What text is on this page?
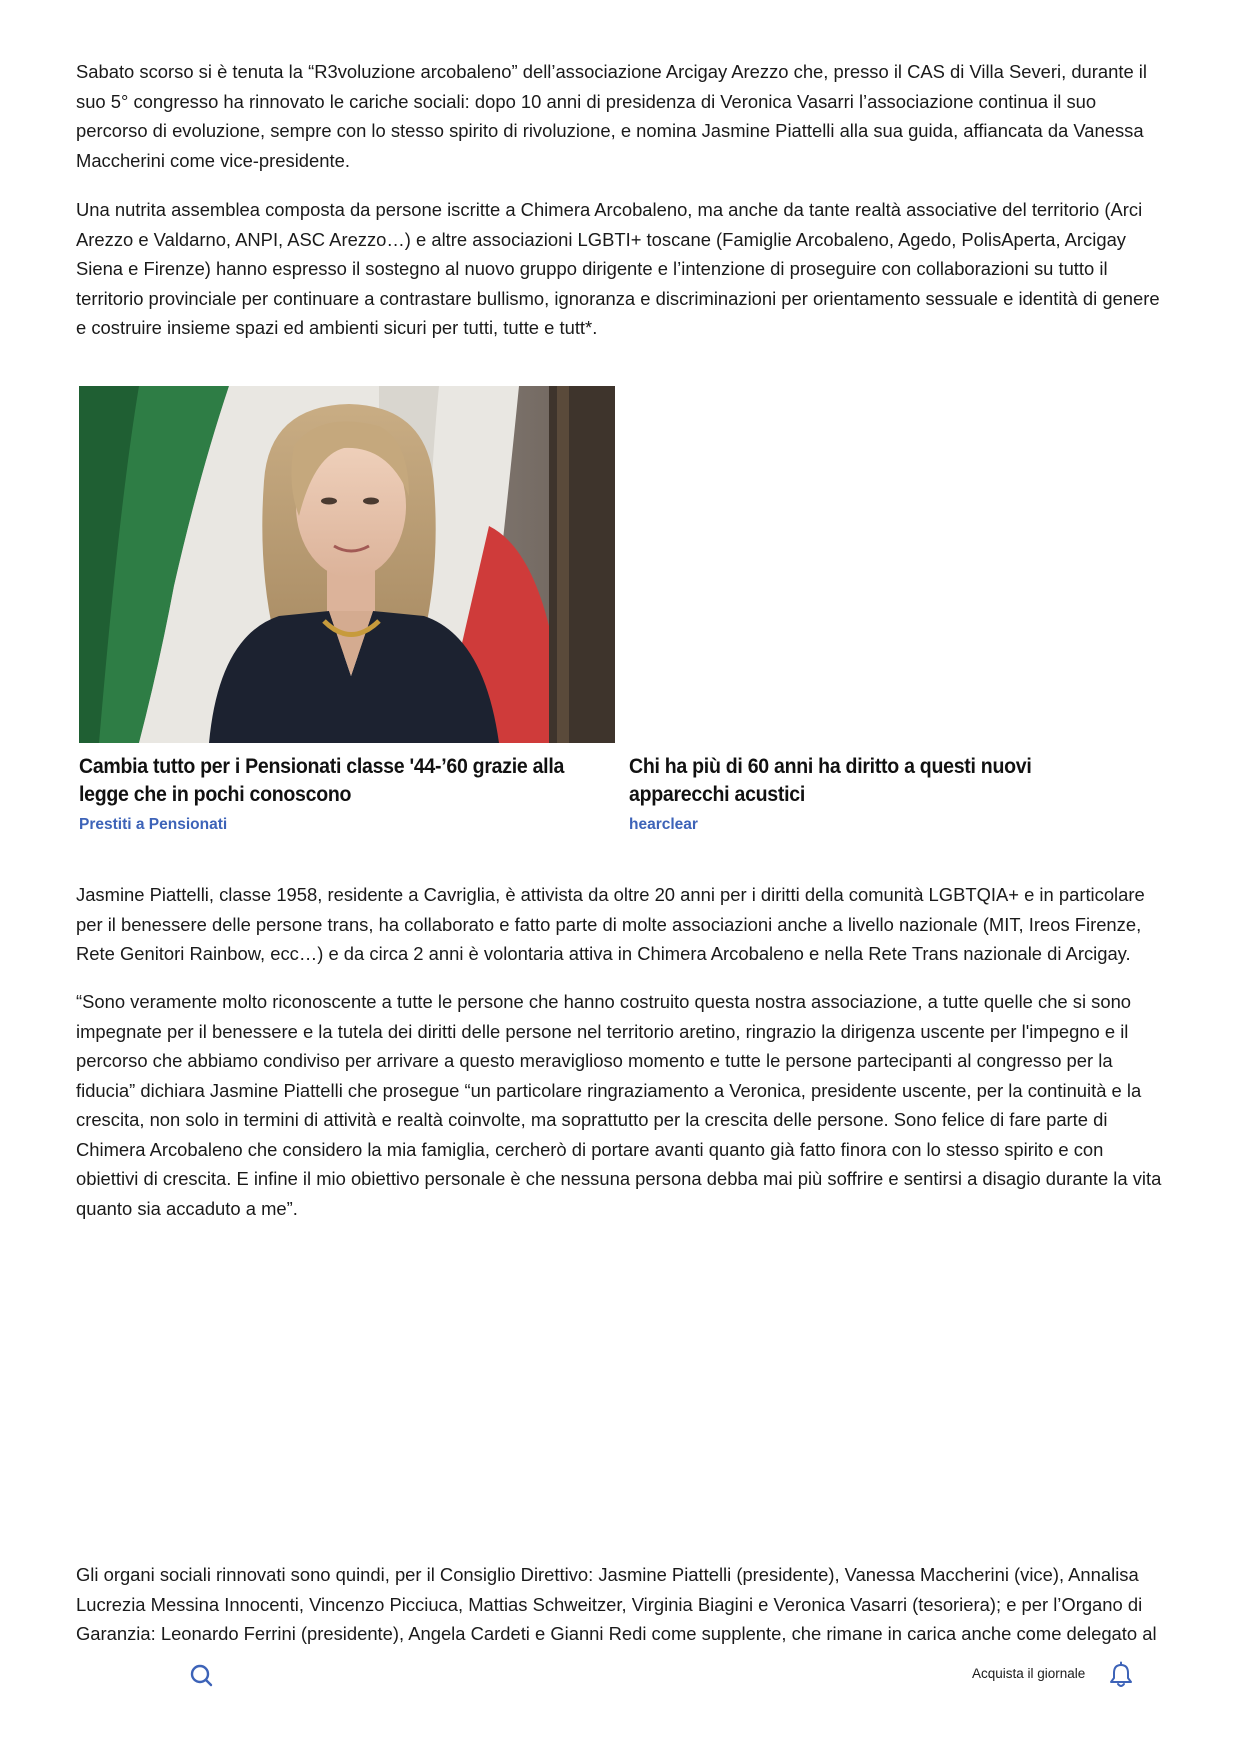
Sabato scorso si è tenuta la “R3voluzione arcobaleno” dell’associazione Arcigay Arezzo che, presso il CAS di Villa Severi, durante il suo 5° congresso ha rinnovato le cariche sociali: dopo 10 anni di presidenza di Veronica Vasarri l’associazione continua il suo percorso di evoluzione, sempre con lo stesso spirito di rivoluzione, e nomina Jasmine Piattelli alla sua guida, affiancata da Vanessa Maccherini come vice-presidente.

Una nutrita assemblea composta da persone iscritte a Chimera Arcobaleno, ma anche da tante realtà associative del territorio (Arci Arezzo e Valdarno, ANPI, ASC Arezzo…) e altre associazioni LGBTI+ toscane (Famiglie Arcobaleno, Agedo, PolisAperta, Arcigay Siena e Firenze) hanno espresso il sostegno al nuovo gruppo dirigente e l’intenzione di proseguire con collaborazioni su tutto il territorio provinciale per continuare a contrastare bullismo, ignoranza e discriminazioni per orientamento sessuale e identità di genere e costruire insieme spazi ed ambienti sicuri per tutti, tutte e tutt*.

Cambia tutto per i Pensionati classe '44-’60 grazie alla legge che in pochi conoscono
Prestiti a Pensionati
Chi ha più di 60 anni ha diritto a questi nuovi apparecchi acustici
hearclear

Jasmine Piattelli, classe 1958, residente a Cavriglia, è attivista da oltre 20 anni per i diritti della comunità LGBTQIA+ e in particolare per il benessere delle persone trans, ha collaborato e fatto parte di molte associazioni anche a livello nazionale (MIT, Ireos Firenze, Rete Genitori Rainbow, ecc…) e da circa 2 anni è volontaria attiva in Chimera Arcobaleno e nella Rete Trans nazionale di Arcigay.

“Sono veramente molto riconoscente a tutte le persone che hanno costruito questa nostra associazione, a tutte quelle che si sono impegnate per il benessere e la tutela dei diritti delle persone nel territorio aretino, ringrazio la dirigenza uscente per l'impegno e il percorso che abbiamo condiviso per arrivare a questo meraviglioso momento e tutte le persone partecipanti al congresso per la fiducia” dichiara Jasmine Piattelli che prosegue “un particolare ringraziamento a Veronica, presidente uscente, per la continuità e la crescita, non solo in termini di attività e realtà coinvolte, ma soprattutto per la crescita delle persone. Sono felice di fare parte di Chimera Arcobaleno che considero la mia famiglia, cercherò di portare avanti quanto già fatto finora con lo stesso spirito e con obiettivi di crescita. E infine il mio obiettivo personale è che nessuna persona debba mai più soffrire e sentirsi a disagio durante la vita quanto sia accaduto a me”.

Gli organi sociali rinnovati sono quindi, per il Consiglio Direttivo: Jasmine Piattelli (presidente), Vanessa Maccherini (vice), Annalisa Lucrezia Messina Innocenti, Vincenzo Picciuca, Mattias Schweitzer, Virginia Biagini e Veronica Vasarri (tesoriera); e per l’Organo di Garanzia: Leonardo Ferrini (presidente), Angela Cardeti e Gianni Redi come supplente, che rimane in carica anche come delegato al

Acquista il giornale
